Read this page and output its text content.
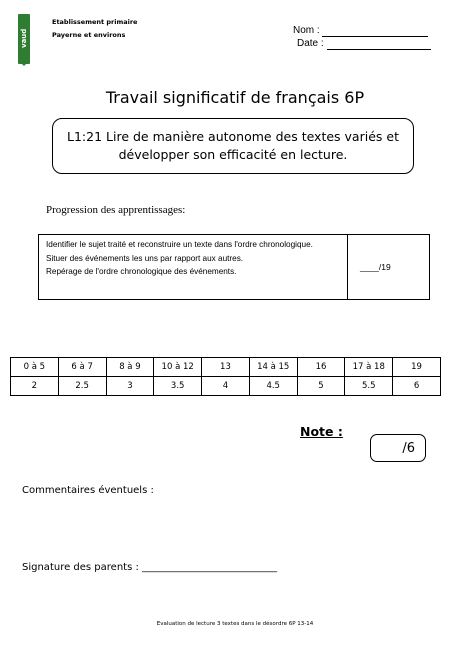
vaud
Etablissement primaire
Payerne et environs	Nom :
Date :
Travail significatif de français 6P
L1:21 Lire de manière autonome des textes variés et
développer son efficacité en lecture.
Progression des apprentissages:
Identifier le sujet traité et reconstruire un texte dans l'ordre chronologique.
Situer des événements les uns par rapport aux autres.
Repérage de l'ordre chronologique des événements.	____/19
0 à 5	6 à 7	8 à 9	10 à 12	13	14 à 15	16	17 à 18	19
2	2.5	3	3.5	4	4.5	5	5.5	6
Note :
/6
Commentaires éventuels :
Signature des parents : ___________________________
Evaluation de lecture 3 textes dans le désordre 6P 13-14
